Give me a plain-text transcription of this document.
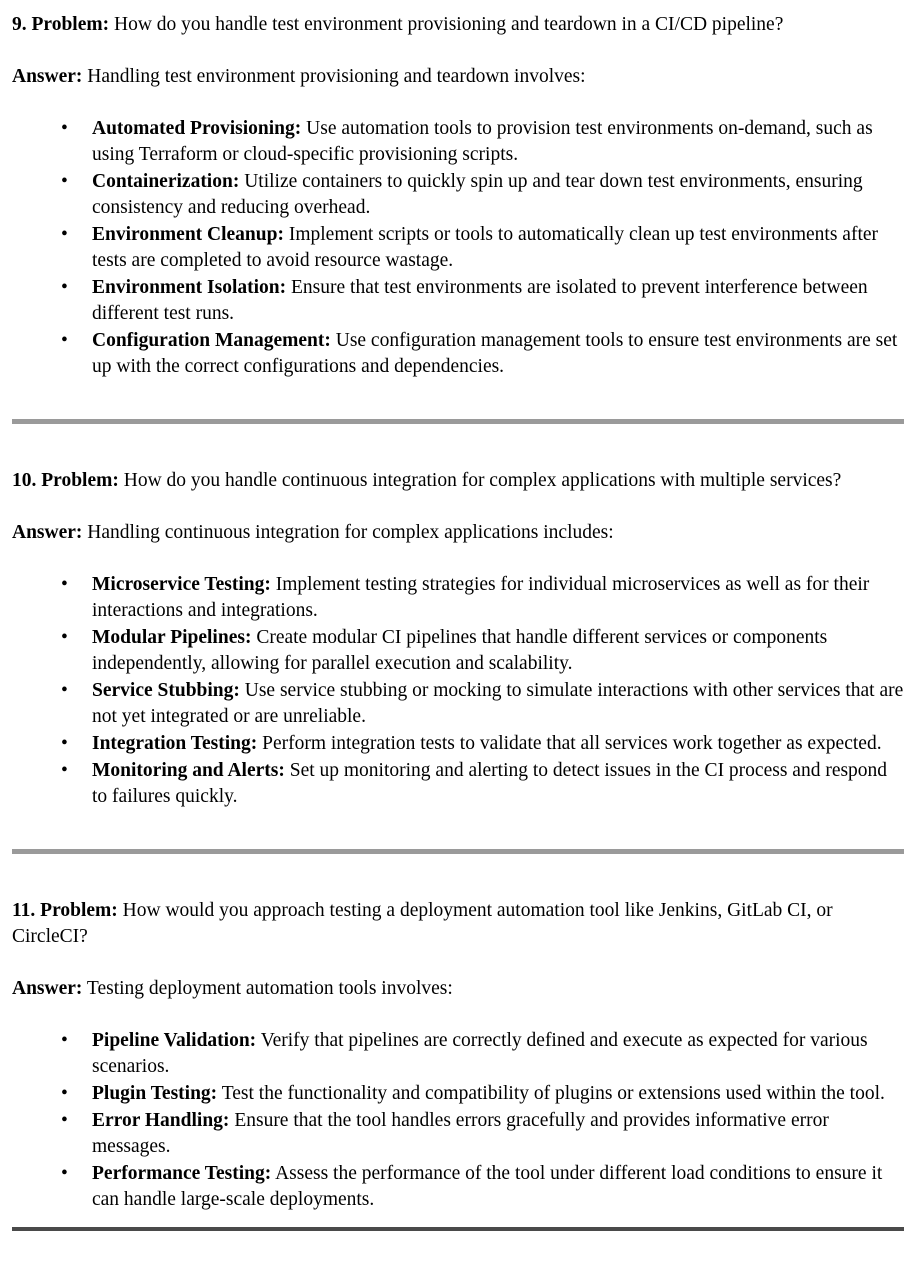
9. Problem: How do you handle test environment provisioning and teardown in a CI/CD pipeline?

Answer: Handling test environment provisioning and teardown involves:

• Automated Provisioning: Use automation tools to provision test environments on-demand, such as using Terraform or cloud-specific provisioning scripts.
• Containerization: Utilize containers to quickly spin up and tear down test environments, ensuring consistency and reducing overhead.
• Environment Cleanup: Implement scripts or tools to automatically clean up test environments after tests are completed to avoid resource wastage.
• Environment Isolation: Ensure that test environments are isolated to prevent interference between different test runs.
• Configuration Management: Use configuration management tools to ensure test environments are set up with the correct configurations and dependencies.

10. Problem: How do you handle continuous integration for complex applications with multiple services?

Answer: Handling continuous integration for complex applications includes:

• Microservice Testing: Implement testing strategies for individual microservices as well as for their interactions and integrations.
• Modular Pipelines: Create modular CI pipelines that handle different services or components independently, allowing for parallel execution and scalability.
• Service Stubbing: Use service stubbing or mocking to simulate interactions with other services that are not yet integrated or are unreliable.
• Integration Testing: Perform integration tests to validate that all services work together as expected.
• Monitoring and Alerts: Set up monitoring and alerting to detect issues in the CI process and respond to failures quickly.

11. Problem: How would you approach testing a deployment automation tool like Jenkins, GitLab CI, or CircleCI?

Answer: Testing deployment automation tools involves:

• Pipeline Validation: Verify that pipelines are correctly defined and execute as expected for various scenarios.
• Plugin Testing: Test the functionality and compatibility of plugins or extensions used within the tool.
• Error Handling: Ensure that the tool handles errors gracefully and provides informative error messages.
• Performance Testing: Assess the performance of the tool under different load conditions to ensure it can handle large-scale deployments.
